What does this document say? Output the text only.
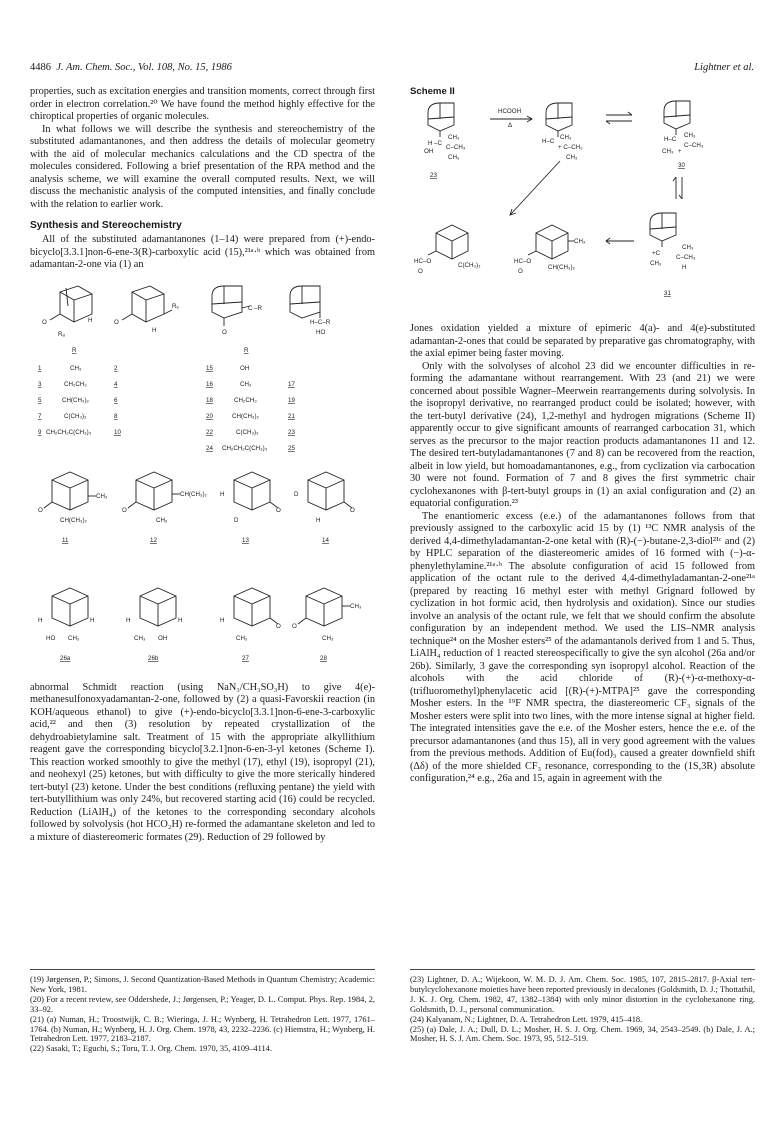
4486 J. Am. Chem. Soc., Vol. 108, No. 15, 1986	Lightner et al.

properties, such as excitation energies and transition moments, correct through first order in electron correlation.²⁰ We have found the method highly effective for the chiroptical properties of organic molecules.

In what follows we will describe the synthesis and stereochemistry of the substituted adamantanones, and then address the details of molecular geometry with the aid of molecular mechanics calculations and the CD spectra of the molecules considered. Following a brief presentation of the RPA method and the analysis scheme, we will examine the overall computed results. Next, we will discuss the mechanistic analysis of the computed intensities, and finally conclude with the relation to earlier work.

Synthesis and Stereochemistry

All of the substituted adamantanones (1–14) were prepared from (+)-endo-bicyclo[3.3.1]non-6-ene-3(R)-carboxylic acid (15),²¹ᵃ·ᵇ which was obtained from adamantan-2-one via (1) an

O
Rₐ
H	O
Rₑ
H
C –R
O
H–C–R
HO
R	R
1	CH₃	2
3	CH₂CH₃	4
5	CH(CH₃)₂	6
7	C(CH₃)₃	8
9 CH₂CH₂C(CH₃)₃	10
15	OH
16	CH₃	17
18	CH₂CH₃	19
20	CH(CH₃)₂	21
22	C(CH₃)₃	23
24 CH₂CH₂C(CH₃)₃	25
O
CH₃
CH(CH₃)₂
O
CH(CH₃)₂
CH₃
O
H
D
O
D
H
11	12	13	14
H	H
HO CH₃
H	H
CH₃ OH
H
O
CH₃
O
CH₃
CH₃
26a	26b	27	28

abnormal Schmidt reaction (using NaN₃/CH₃SO₃H) to give 4(e)-methanesulfonoxyadamantan-2-one, followed by (2) a quasi-Favorskii reaction (in KOH/aqueous ethanol) to give (+)-endo-bicyclo[3.3.1]non-6-ene-3-carboxylic acid,²² and then (3) resolution by repeated crystallization of the dehydroabietylamine salt. Treatment of 15 with the appropriate alkyllithium reagent gave the corresponding bicyclo[3.2.1]non-6-en-3-yl ketones (Scheme I). This reaction worked smoothly to give the methyl (17), ethyl (19), isopropyl (21), and neohexyl (25) ketones, but with difficulty to give the more sterically hindered tert-butyl (23) ketone. Under the best conditions (refluxing pentane) the yield with tert-butyllithium was only 24%, but recovered starting acid (16) could be recycled. Reduction (LiAlH₄) of the ketones to the corresponding secondary alcohols followed by solvolysis (hot HCO₂H) re-formed the adamantane skeleton and led to a mixture of diastereomeric formates (29). Reduction of 29 followed by

Scheme II
H –C
CH₃
C–CH₃
OH
CH₃
HCOOH
Δ
H–C
CH₃
+ C–CH₃
CH₃
H–C
CH₃
C–CH₃
CH₃ +
23
30
HC–O
O
C(CH₃)₃
HC–O
O
CH₃
CH(CH₃)₂
+C
CH₃
C–CH₃
CH₃
H
31

Jones oxidation yielded a mixture of epimeric 4(a)- and 4(e)-substituted adamantan-2-ones that could be separated by preparative gas chromatography, with the axial epimer being faster moving.

Only with the solvolyses of alcohol 23 did we encounter difficulties in re-forming the adamantane without rearrangement. With 23 (and 21) we were concerned about possible Wagner–Meerwein rearrangements during solvolysis. In the isopropyl derivative, no rearranged product could be isolated; however, with the tert-butyl derivative (24), 1,2-methyl and hydrogen migrations (Scheme II) apparently occur to give significant amounts of rearranged carbocation 31, which serves as the precursor to the major reaction products adamantanones 11 and 12. The desired tert-butyladamantanones (7 and 8) can be recovered from the reaction, albeit in low yield, but homoadamantanones, e.g., from cyclization via carbocation 30 were not found. Formation of 7 and 8 gives the first symmetric chair cyclohexanones with β-tert-butyl groups in (1) an axial configuration and (2) an equatorial configuration.²³

The enantiomeric excess (e.e.) of the adamantanones follows from that previously assigned to the carboxylic acid 15 by (1) ¹³C NMR analysis of the derived 4,4-dimethyladamantan-2-one ketal with (R)-(−)-butane-2,3-diol²¹ᶜ and (2) by HPLC separation of the diastereomeric amides of 16 formed with (−)-α-phenylethylamine.²¹ᵃ·ᵇ The absolute configuration of acid 15 followed from application of the octant rule to the derived 4,4-dimethyladamantan-2-one²¹ᵃ (prepared by reacting 16 methyl ester with methyl Grignard followed by cyclization in hot formic acid, then hydrolysis and oxidation). Since our studies involve an analysis of the octant rule, we felt that we should confirm the absolute configuration by an independent method. We used the LIS–NMR analysis technique²⁴ on the Mosher esters²⁵ of the adamantanols derived from 1 and 5. Thus, LiAlH₄ reduction of 1 reacted stereospecifically to give the syn alcohol (26a and/or 26b). Similarly, 3 gave the corresponding syn isopropyl alcohol. Reaction of the alcohols with the acid chloride of (R)-(+)-α-methoxy-α-(trifluoromethyl)phenylacetic acid [(R)-(+)-MTPA]²⁵ gave the corresponding Mosher esters. In the ¹⁹F NMR spectra, the diastereomeric CF₃ signals of the Mosher esters were split into two lines, with the more intense signal at higher field. The integrated intensities gave the e.e. of the Mosher esters, hence the e.e. of the precursor adamantanones (and thus 15), all in very good agreement with the values from the previous methods. Addition of Eu(fod)₃ caused a greater downfield shift (Δδ) of the more shielded CF₃ resonance, corresponding to the (1S,3R) absolute configuration,²⁴ e.g., 26a and 15, again in agreement with the

(19) Jørgensen, P.; Simons, J. Second Quantization-Based Methods in Quantum Chemistry; Academic: New York, 1981.

(20) For a recent review, see Oddershede, J.; Jørgensen, P.; Yeager, D. L. Comput. Phys. Rep. 1984, 2, 33–92.

(21) (a) Numan, H.; Troostwijk, C. B.; Wieringa, J. H.; Wynberg, H. Tetrahedron Lett. 1977, 1761–1764. (b) Numan, H.; Wynberg, H. J. Org. Chem. 1978, 43, 2232–2236. (c) Hiemstra, H.; Wynberg, H. Tetrahedron Lett. 1977, 2183–2187.

(22) Sasaki, T.; Eguchi, S.; Toru, T. J. Org. Chem. 1970, 35, 4109–4114.

(23) Lightner, D. A.; Wijekoon, W. M. D. J. Am. Chem. Soc. 1985, 107, 2815–2817. β-Axial tert-butylcyclohexanone moieties have been reported previously in decalones (Goldsmith, D. J.; Thottathil, J. K. J. Org. Chem. 1982, 47, 1382–1384) with only minor distortion in the cyclohexanone ring. Goldsmith, D. J., personal communication.

(24) Kalyanam, N.; Lightner, D. A. Tetrahedron Lett. 1979, 415–418.

(25) (a) Dale, J. A.; Dull, D. L.; Mosher, H. S. J. Org. Chem. 1969, 34, 2543–2549. (b) Dale, J. A.; Mosher, H. S. J. Am. Chem. Soc. 1973, 95, 512–519.
